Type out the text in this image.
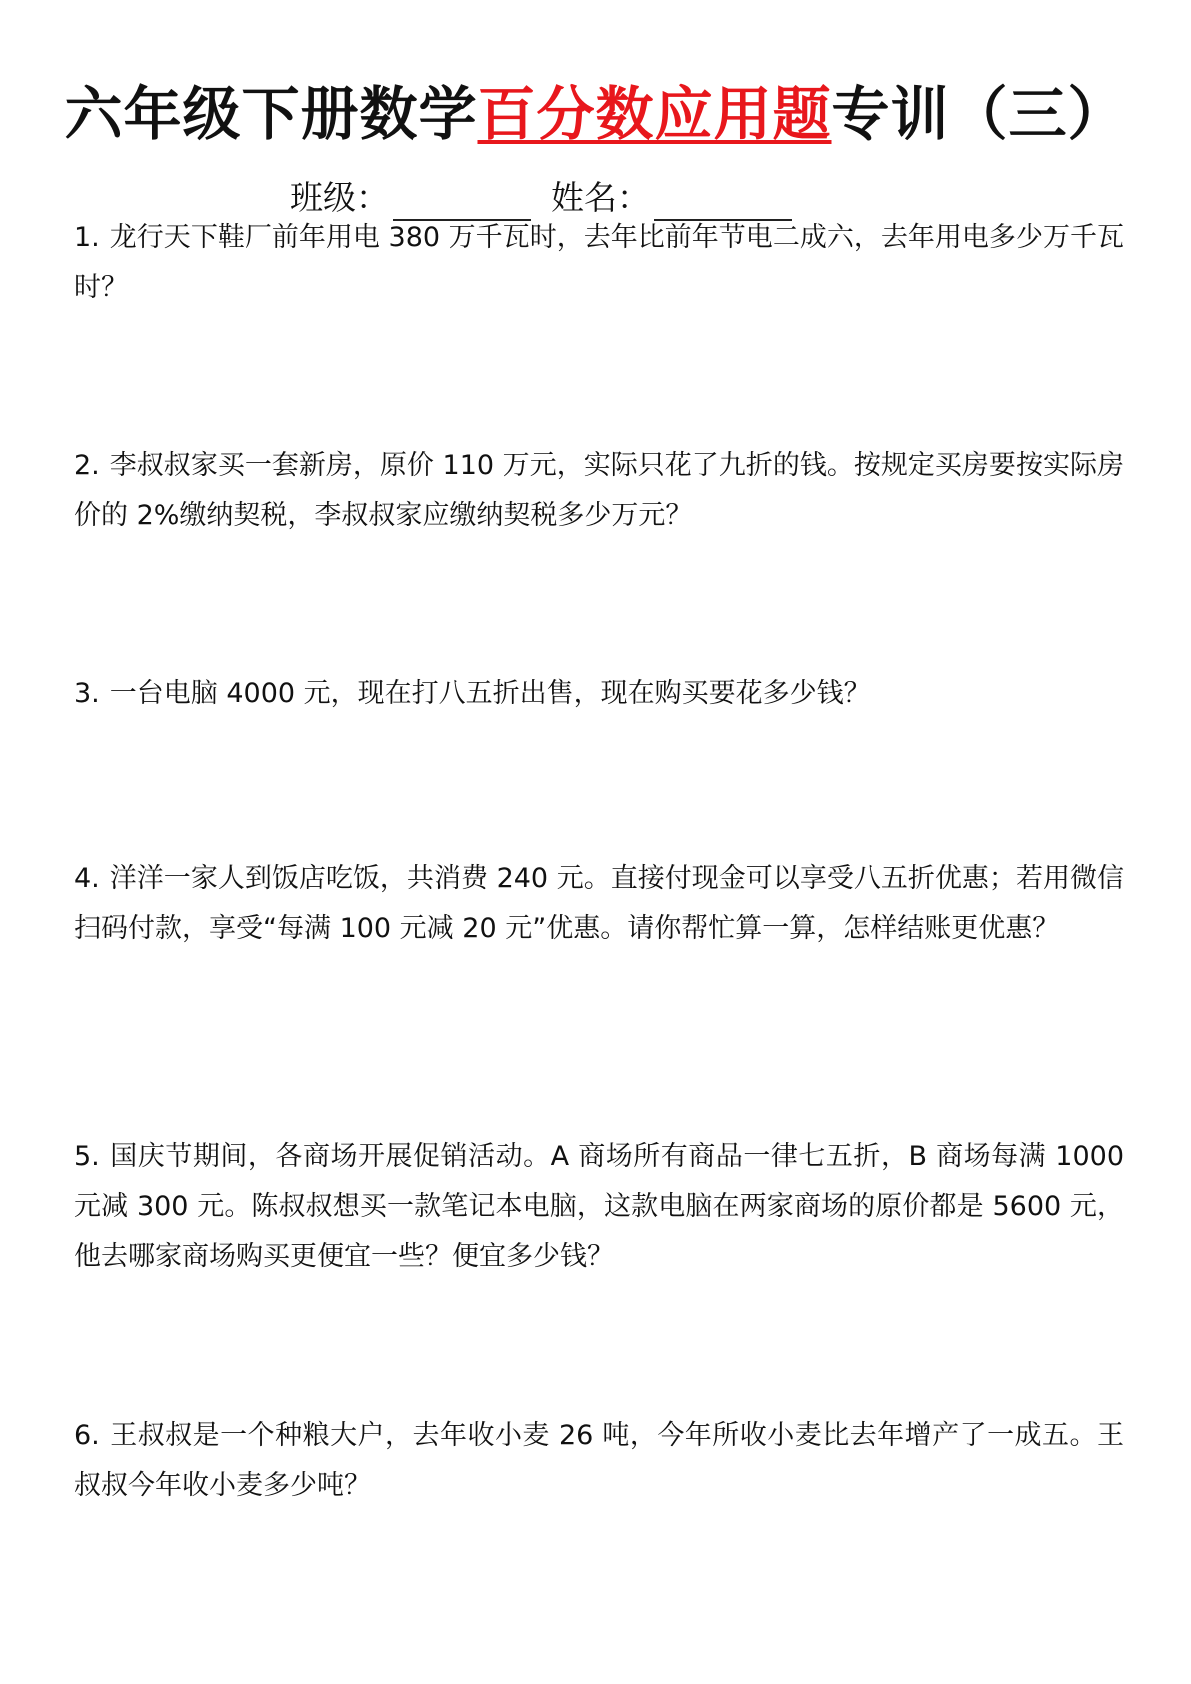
六年级下册数学百分数应用题专训（三）
班级：	姓名：
1. 龙行天下鞋厂前年用电 380 万千瓦时，去年比前年节电二成六，去年用电多少万千瓦时？
2. 李叔叔家买一套新房，原价 110 万元，实际只花了九折的钱。按规定买房要按实际房价的 2%缴纳契税，李叔叔家应缴纳契税多少万元？
3. 一台电脑 4000 元，现在打八五折出售，现在购买要花多少钱？
4. 洋洋一家人到饭店吃饭，共消费 240 元。直接付现金可以享受八五折优惠；若用微信扫码付款，享受“每满 100 元减 20 元”优惠。请你帮忙算一算，怎样结账更优惠？
5. 国庆节期间，各商场开展促销活动。A 商场所有商品一律七五折，B 商场每满 1000 元减 300 元。陈叔叔想买一款笔记本电脑，这款电脑在两家商场的原价都是 5600 元，他去哪家商场购买更便宜一些？便宜多少钱？
6. 王叔叔是一个种粮大户，去年收小麦 26 吨，今年所收小麦比去年增产了一成五。王叔叔今年收小麦多少吨？
